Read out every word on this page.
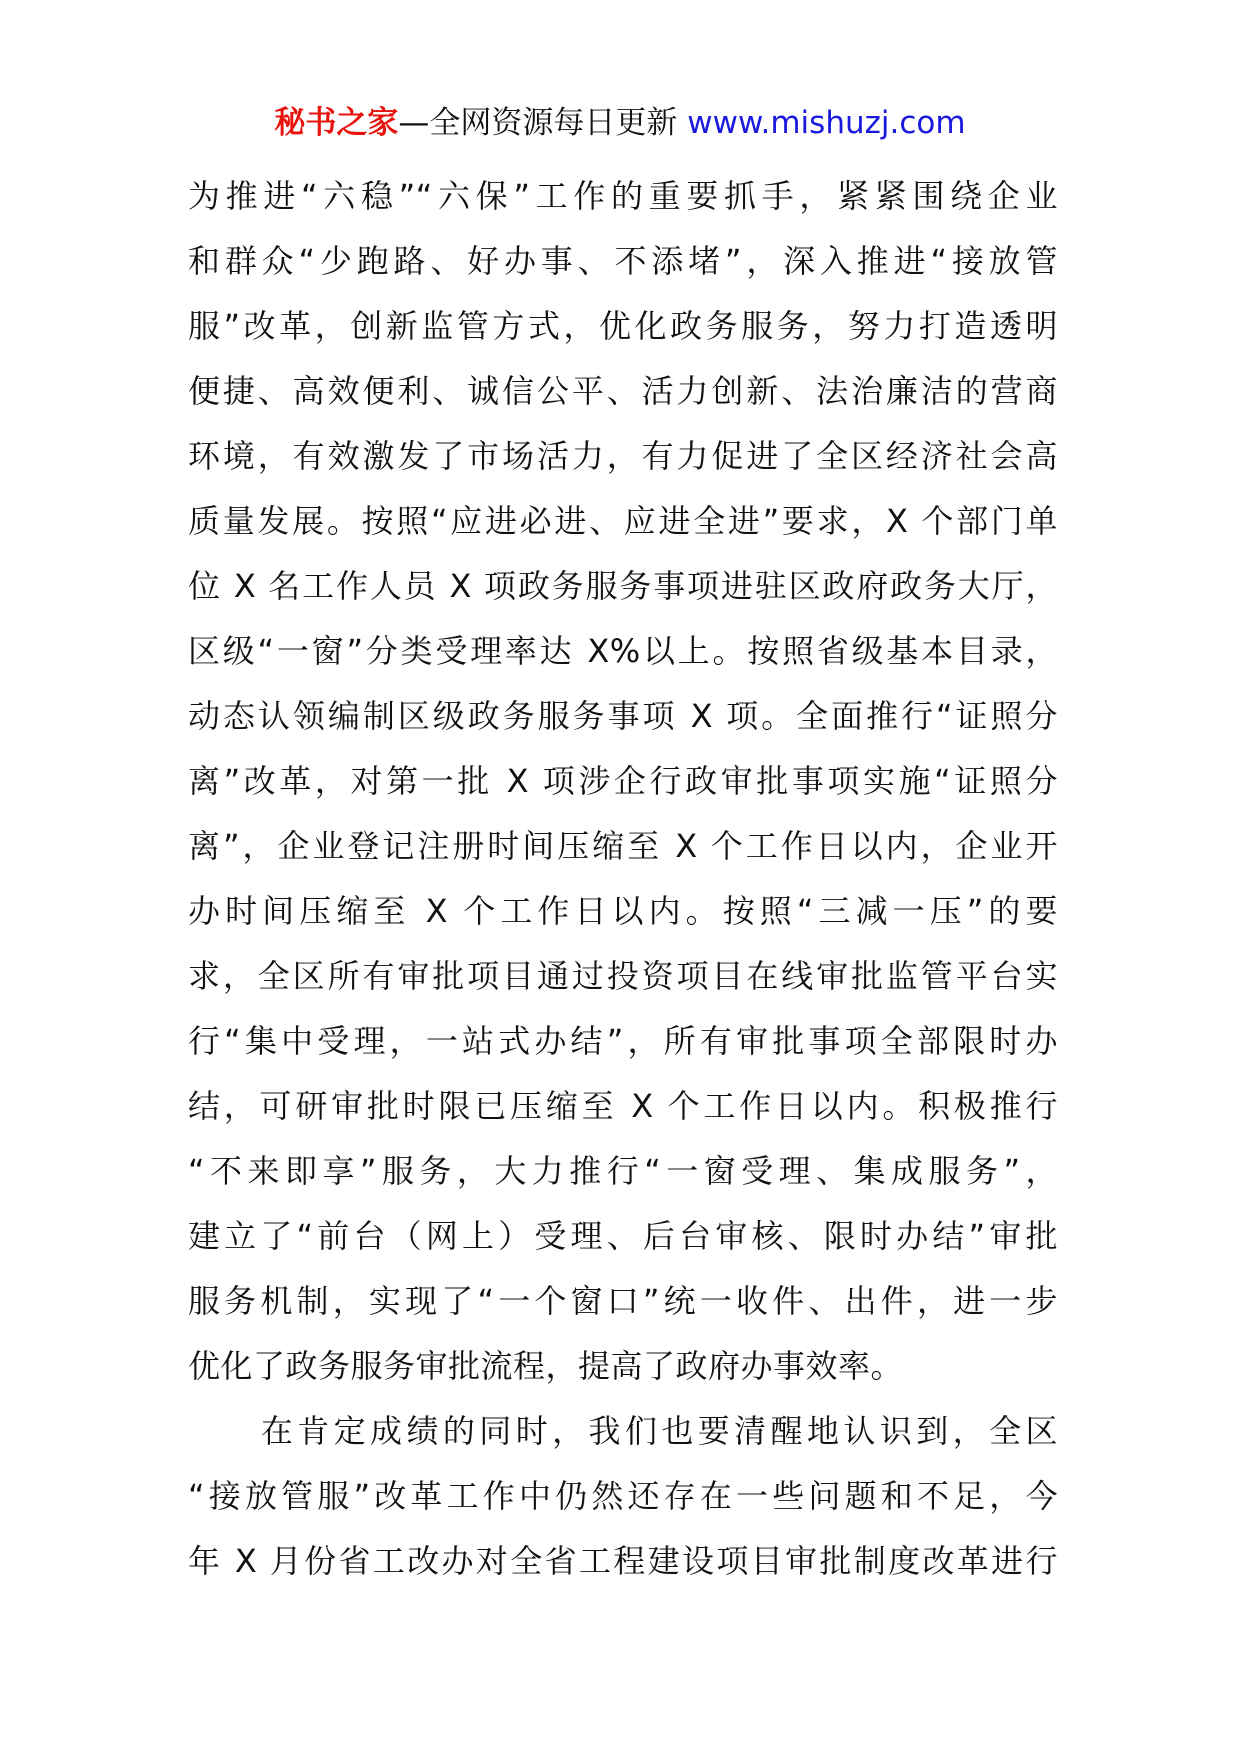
秘书之家—全网资源每日更新 www.mishuzj.com
为推进“六稳”“六保”工作的重要抓手，紧紧围绕企业
和群众“少跑路、好办事、不添堵”，深入推进“接放管
服”改革，创新监管方式，优化政务服务，努力打造透明
便捷、高效便利、诚信公平、活力创新、法治廉洁的营商
环境，有效激发了市场活力，有力促进了全区经济社会高
质量发展。按照“应进必进、应进全进”要求，X 个部门单
位 X 名工作人员 X 项政务服务事项进驻区政府政务大厅，
区级“一窗”分类受理率达 X%以上。按照省级基本目录，
动态认领编制区级政务服务事项 X 项。全面推行“证照分
离”改革，对第一批 X 项涉企行政审批事项实施“证照分
离”，企业登记注册时间压缩至 X 个工作日以内，企业开
办时间压缩至 X 个工作日以内。按照“三减一压”的要
求，全区所有审批项目通过投资项目在线审批监管平台实
行“集中受理，一站式办结”，所有审批事项全部限时办
结，可研审批时限已压缩至 X 个工作日以内。积极推行
“不来即享”服务，大力推行“一窗受理、集成服务”，
建立了“前台（网上）受理、后台审核、限时办结”审批
服务机制，实现了“一个窗口”统一收件、出件，进一步
优化了政务服务审批流程，提高了政府办事效率。
　　在肯定成绩的同时，我们也要清醒地认识到，全区
“接放管服”改革工作中仍然还存在一些问题和不足，今
年 X 月份省工改办对全省工程建设项目审批制度改革进行
